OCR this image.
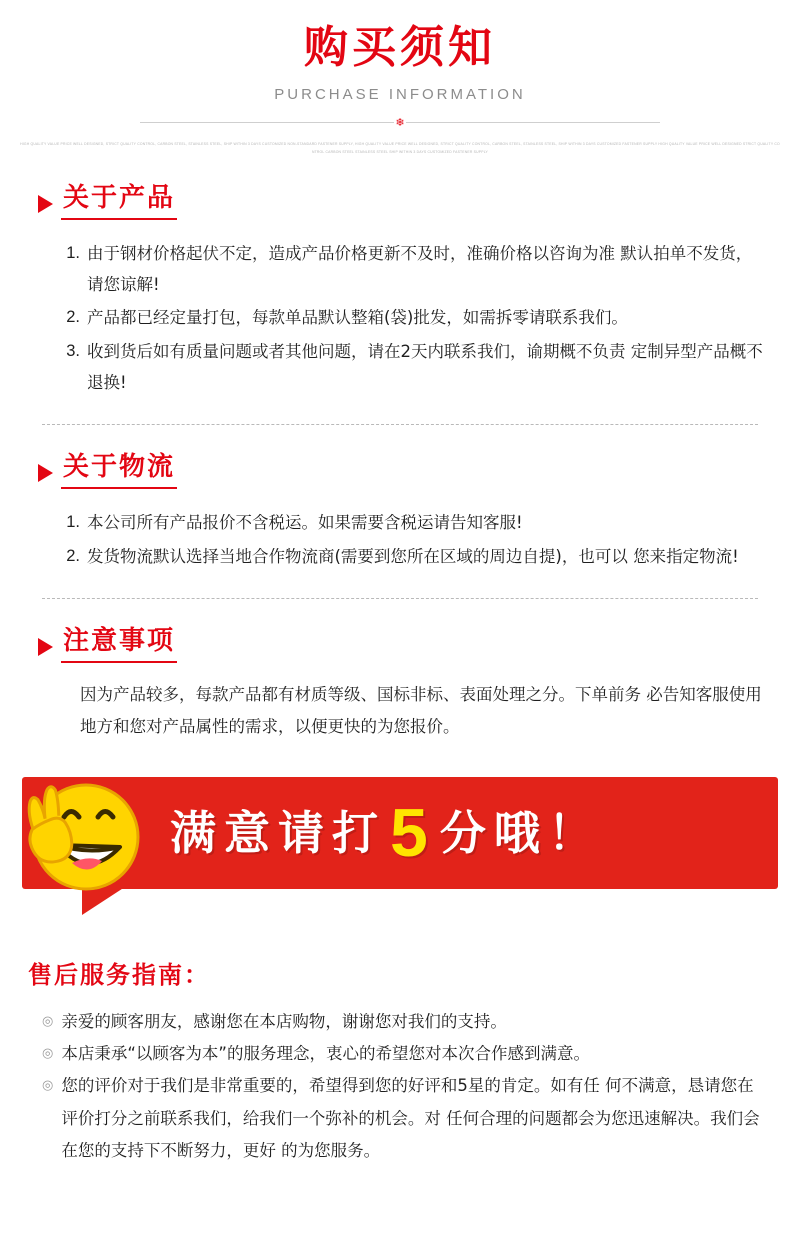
购买须知
PURCHASE INFORMATION
❄
HIGH QUALITY VALUE PRICE WELL DESIGNED, STRICT QUALITY CONTROL, CARBON STEEL, STAINLESS STEEL, SHIP WITHIN 3 DAYS CUSTOMIZED NON-STANDARD FASTENER SUPPLY, HIGH QUALITY VALUE PRICE WELL DESIGNED, STRICT QUALITY CONTROL, CARBON STEEL, STAINLESS STEEL, SHIP WITHIN 3 DAYS CUSTOMIZED FASTENER SUPPLY HIGH QUALITY VALUE PRICE WELL DESIGNED STRICT QUALITY CONTROL CARBON STEEL STAINLESS STEEL SHIP WITHIN 3 DAYS CUSTOMIZED FASTENER SUPPLY
关于产品
1. 由于钢材价格起伏不定，造成产品价格更新不及时，准确价格以咨询为准 默认拍单不发货，请您谅解!
2. 产品都已经定量打包，每款单品默认整箱(袋)批发，如需拆零请联系我们。
3. 收到货后如有质量问题或者其他问题，请在2天内联系我们，谕期概不负责 定制异型产品概不退换!
关于物流
1. 本公司所有产品报价不含税运。如果需要含税运请告知客服!
2. 发货物流默认选择当地合作物流商(需要到您所在区域的周边自提)，也可以 您来指定物流!
注意事项
因为产品较多，每款产品都有材质等级、国标非标、表面处理之分。下单前务 必告知客服使用地方和您对产品属性的需求，以便更快的为您报价。
满意请打 5 分哦！
售后服务指南：
◎ 亲爱的顾客朋友，感谢您在本店购物，谢谢您对我们的支持。
◎ 本店秉承“以顾客为本”的服务理念，衷心的希望您对本次合作感到满意。
◎ 您的评价对于我们是非常重要的，希望得到您的好评和5星的肯定。如有任 何不满意，恳请您在评价打分之前联系我们，给我们一个弥补的机会。对 任何合理的问题都会为您迅速解决。我们会在您的支持下不断努力，更好 的为您服务。
